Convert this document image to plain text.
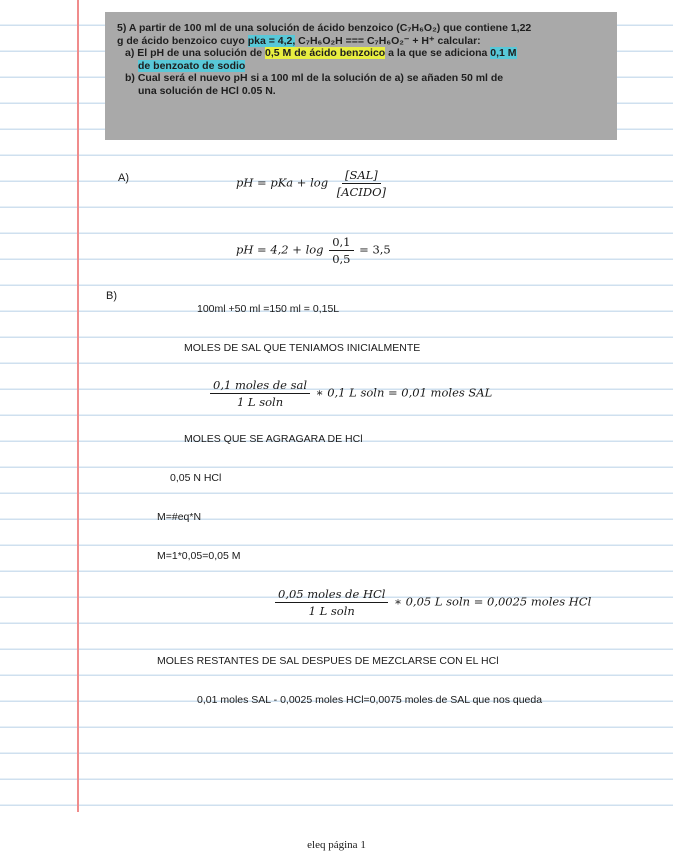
5) A partir de 100 ml de una solución de ácido benzoico (C₇H₆O₂) que contiene 1,22

g de ácido benzoico cuyo pka = 4,2, C₇H₆O₂H === C₇H₆O₂⁻ + H⁺ calcular:

a) El pH de una solución de 0,5 M de ácido benzoico a la que se adiciona 0,1 M

de benzoato de sodio

b) Cual será el nuevo pH si a 100 ml de la solución de a) se añaden 50 ml de

una solución de HCl 0.05 N.

A)	pH = pKa + $\log \frac{\text{[SAL]}}{\text{[ACIDO]}}$
pH = $4,2 + \log \frac{0,1}{0,5} = 3,5$
B)
100ml +50 ml =150 ml = 0,15L
MOLES DE SAL QUE TENIAMOS INICIALMENTE
$\frac{\text{0,1 moles de sal}}{\text{1 L soln}}$ ∗ 0,1 L soln = 0,01 moles SAL
MOLES QUE SE AGRAGARA DE HCl
0,05 N HCl
M=#eq*N
M=1*0,05=0,05 M
$\frac{\text{0,05 moles de HCl}}{\text{1 L soln}}$ ∗ 0,05 L soln = 0,0025 moles HCl
MOLES RESTANTES DE SAL DESPUES DE MEZCLARSE CON EL HCl
0,01 moles SAL - 0,0025 moles HCl=0,0075 moles de SAL que nos queda
eleq página 1
